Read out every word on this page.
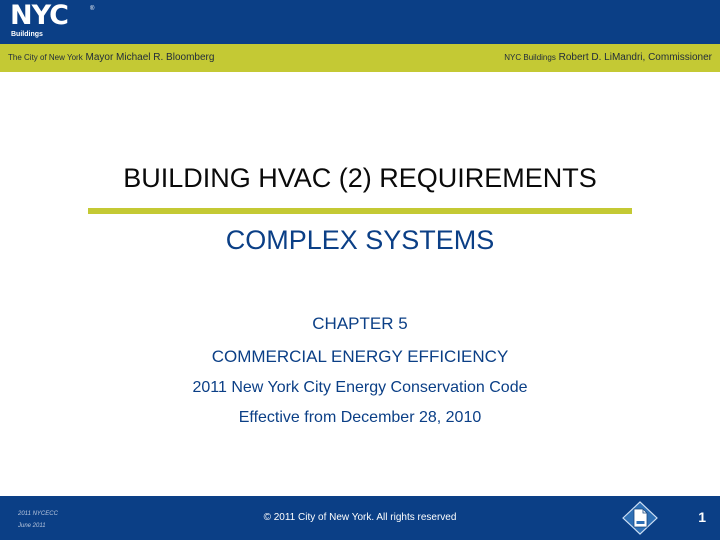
NYC	®
Buildings
The City of New York Mayor Michael R. Bloomberg	NYC Buildings Robert D. LiMandri, Commissioner
BUILDING HVAC (2) REQUIREMENTS
COMPLEX SYSTEMS
CHAPTER 5
COMMERCIAL ENERGY EFFICIENCY
2011 New York City Energy Conservation Code
Effective from December 28, 2010
2011 NYCECC
June 2011
© 2011 City of New York. All rights reserved	1
